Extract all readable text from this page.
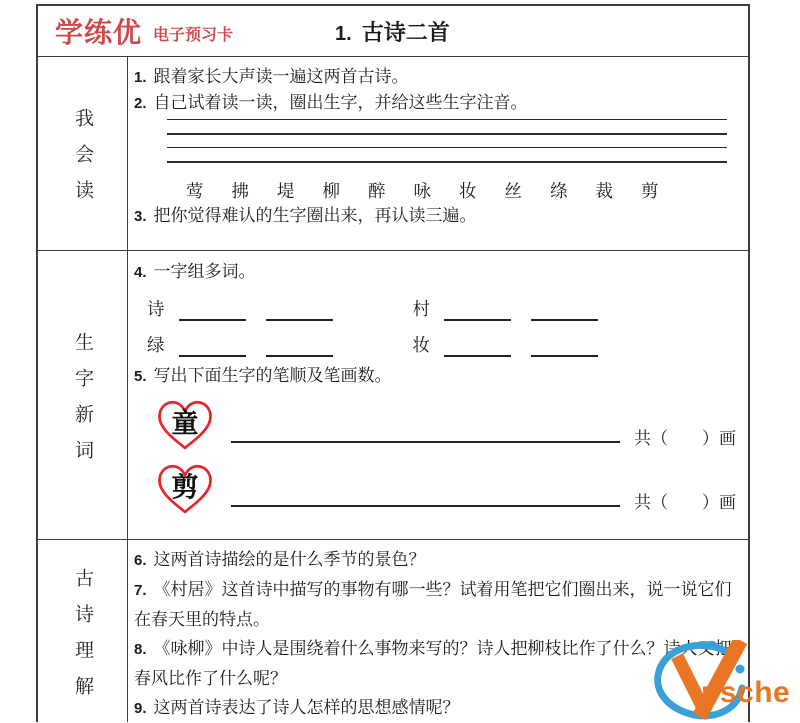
学练优 电子预习卡	1. 古诗二首
我会读
1. 跟着家长大声读一遍这两首古诗。
2. 自己试着读一读，圈出生字，并给这些生字注音。
莺 拂 堤 柳 醉 咏 妆 丝 绦 裁 剪
3. 把你觉得难认的生字圈出来，再认读三遍。
生字新词
4. 一字组多词。
诗	村
绿	妆
5. 写出下面生字的笔顺及笔画数。
童
共（　　）画
剪
共（　　）画
古诗理解
6. 这两首诗描绘的是什么季节的景色？
7. 《村居》这首诗中描写的事物有哪一些？试着用笔把它们圈出来，说一说它们在春天里的特点。
8. 《咏柳》中诗人是围绕着什么事物来写的？诗人把柳枝比作了什么？诗人又把春风比作了什么呢？
9. 这两首诗表达了诗人怎样的思想感情呢？	psche
